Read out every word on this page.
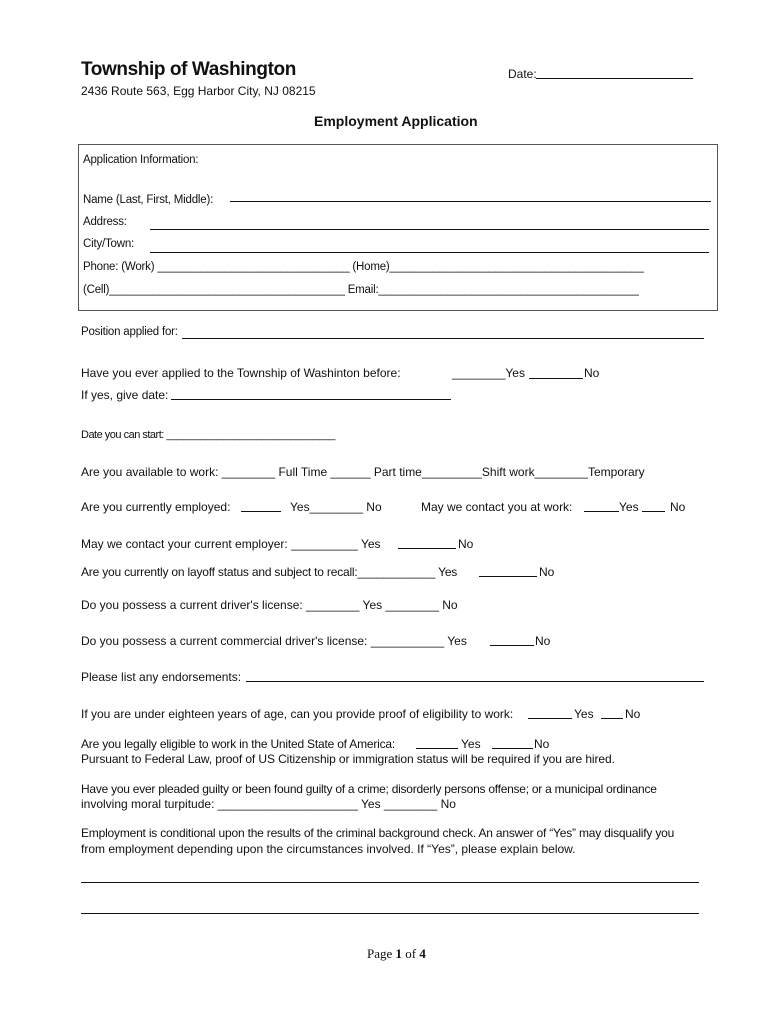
Township of Washington
2436 Route 563, Egg Harbor City, NJ 08215
Date:
Employment Application
Application Information:
Name (Last, First, Middle):
Address:
City/Town:
Phone: (Work) _______________________________ (Home)_________________________________________
(Cell)______________________________________ Email:__________________________________________
Position applied for:
Have you ever applied to the Township of Washinton before:	________Yes	No
If yes, give date:
Date you can start: ______________________________
Are you available to work: ________ Full Time ______ Part time_________Shift work________Temporary
Are you currently employed:	Yes________ No	May we contact you at work:	Yes	No
May we contact your current employer: __________ Yes	No
Are you currently on layoff status and subject to recall:____________ Yes	No
Do you possess a current driver's license: ________ Yes ________ No
Do you possess a current commercial driver's license: ___________ Yes	No
Please list any endorsements:
If you are under eighteen years of age, can you provide proof of eligibility to work:	Yes	No
Are you legally eligible to work in the United State of America:	Yes	No
Pursuant to Federal Law, proof of US Citizenship or immigration status will be required if you are hired.
Have you ever pleaded guilty or been found guilty of a crime; disorderly persons offense; or a municipal ordinance
involving moral turpitude: _____________________ Yes ________ No
Employment is conditional upon the results of the criminal background check. An answer of “Yes” may disqualify you
from employment depending upon the circumstances involved. If “Yes”, please explain below.
Page 1 of 4
